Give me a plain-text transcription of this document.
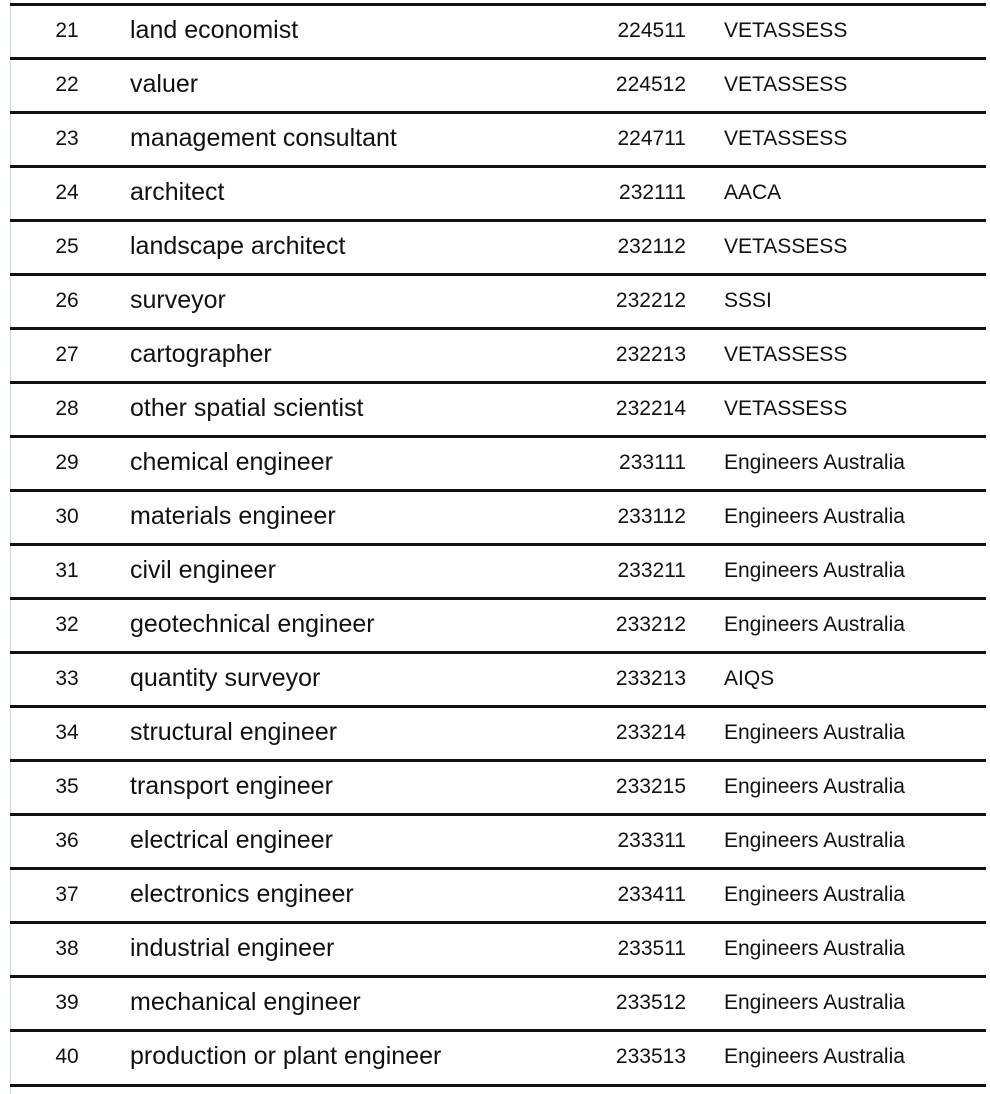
21	land economist	224511 VETASSESS
22	valuer	224512 VETASSESS
23	management consultant	224711 VETASSESS
24	architect	232111 AACA
25	landscape architect	232112 VETASSESS
26	surveyor	232212 SSSI
27	cartographer	232213 VETASSESS
28	other spatial scientist	232214 VETASSESS
29	chemical engineer	233111 Engineers Australia
30	materials engineer	233112 Engineers Australia
31	civil engineer	233211 Engineers Australia
32	geotechnical engineer	233212 Engineers Australia
33	quantity surveyor	233213 AIQS
34	structural engineer	233214 Engineers Australia
35	transport engineer	233215 Engineers Australia
36	electrical engineer	233311 Engineers Australia
37	electronics engineer	233411 Engineers Australia
38	industrial engineer	233511 Engineers Australia
39	mechanical engineer	233512 Engineers Australia
40	production or plant engineer	233513 Engineers Australia
